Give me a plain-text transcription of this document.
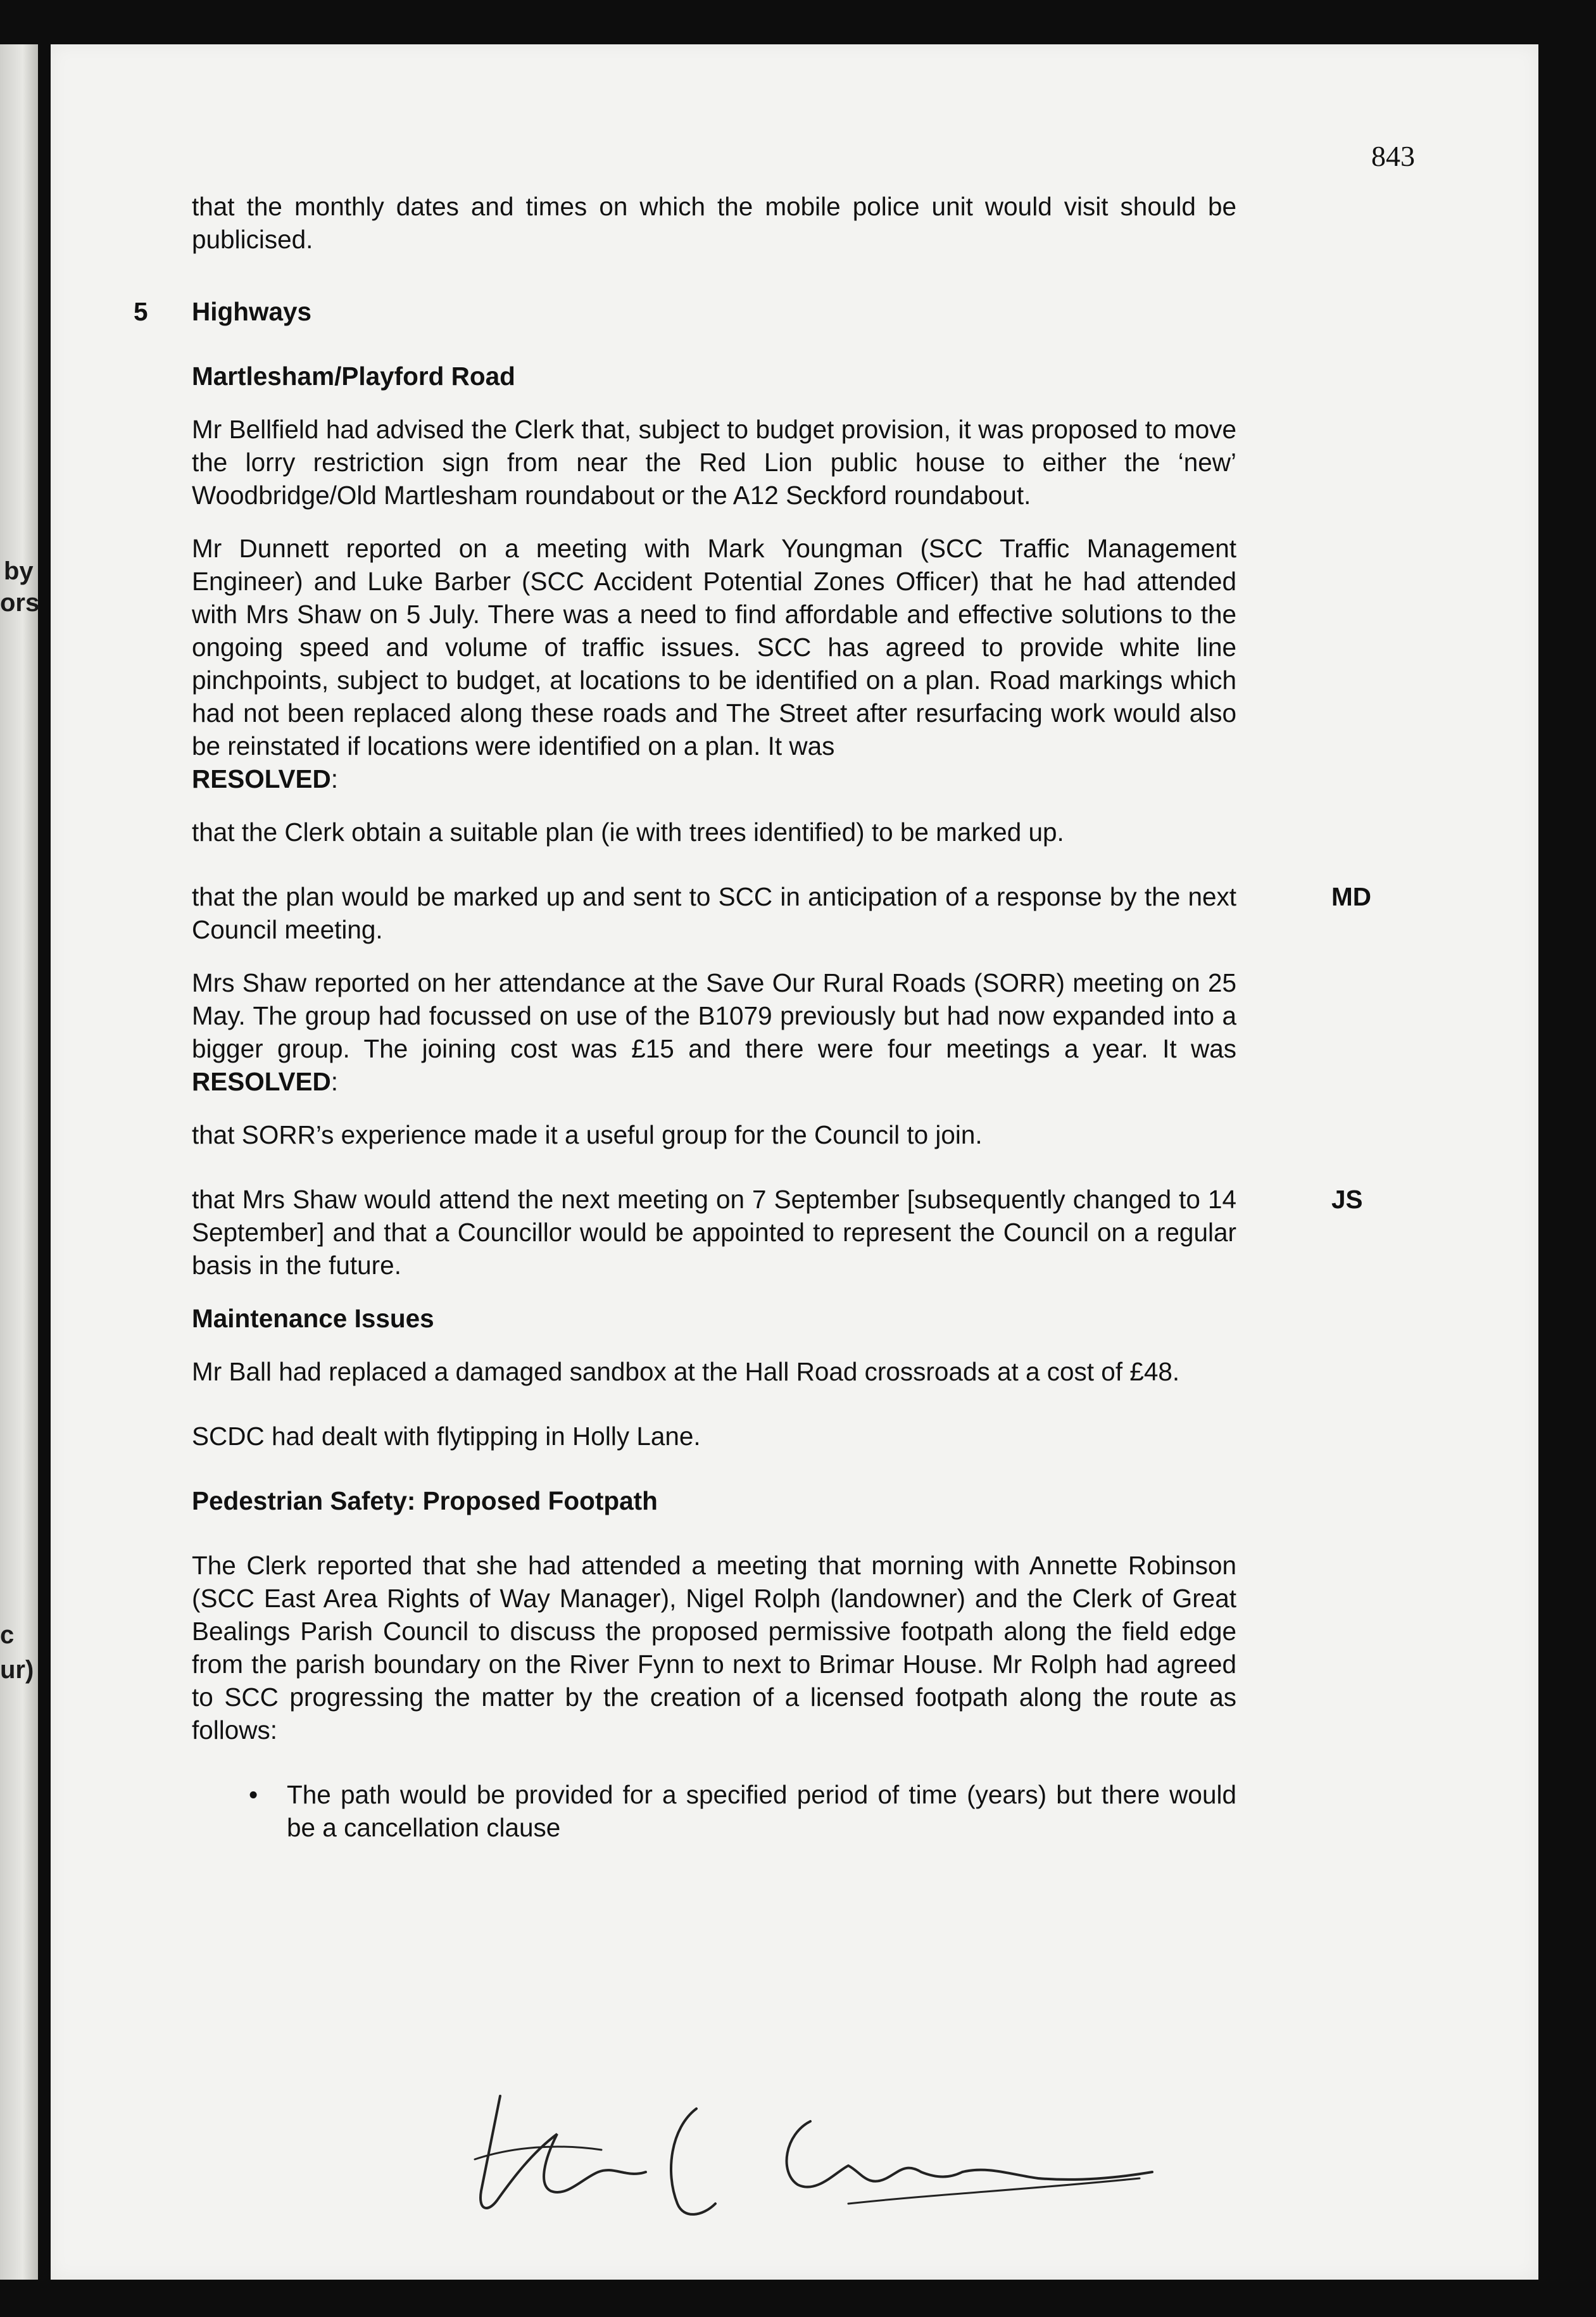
by
ors
c
ur)
843

that the monthly dates and times on which the mobile police unit would visit should be publicised.

5 Highways

Martlesham/Playford Road

Mr Bellfield had advised the Clerk that, subject to budget provision, it was proposed to move the lorry restriction sign from near the Red Lion public house to either the ‘new’ Woodbridge/Old Martlesham roundabout or the A12 Seckford roundabout.

Mr Dunnett reported on a meeting with Mark Youngman (SCC Traffic Management Engineer) and Luke Barber (SCC Accident Potential Zones Officer) that he had attended with Mrs Shaw on 5 July. There was a need to find affordable and effective solutions to the ongoing speed and volume of traffic issues. SCC has agreed to provide white line pinchpoints, subject to budget, at locations to be identified on a plan. Road markings which had not been replaced along these roads and The Street after resurfacing work would also be reinstated if locations were identified on a plan. It was
RESOLVED:

that the Clerk obtain a suitable plan (ie with trees identified) to be marked up.

that the plan would be marked up and sent to SCC in anticipation of a response by the next Council meeting.

MD

Mrs Shaw reported on her attendance at the Save Our Rural Roads (SORR) meeting on 25 May. The group had focussed on use of the B1079 previously but had now expanded into a bigger group. The joining cost was £15 and there were four meetings a year. It was RESOLVED:

that SORR’s experience made it a useful group for the Council to join.

that Mrs Shaw would attend the next meeting on 7 September [subsequently changed to 14 September] and that a Councillor would be appointed to represent the Council on a regular basis in the future.

JS

Maintenance Issues

Mr Ball had replaced a damaged sandbox at the Hall Road crossroads at a cost of £48.

SCDC had dealt with flytipping in Holly Lane.

Pedestrian Safety: Proposed Footpath

The Clerk reported that she had attended a meeting that morning with Annette Robinson (SCC East Area Rights of Way Manager), Nigel Rolph (landowner) and the Clerk of Great Bealings Parish Council to discuss the proposed permissive footpath along the field edge from the parish boundary on the River Fynn to next to Brimar House. Mr Rolph had agreed to SCC progressing the matter by the creation of a licensed footpath along the route as follows:

•	The path would be provided for a specified period of time (years) but there would be a cancellation clause
